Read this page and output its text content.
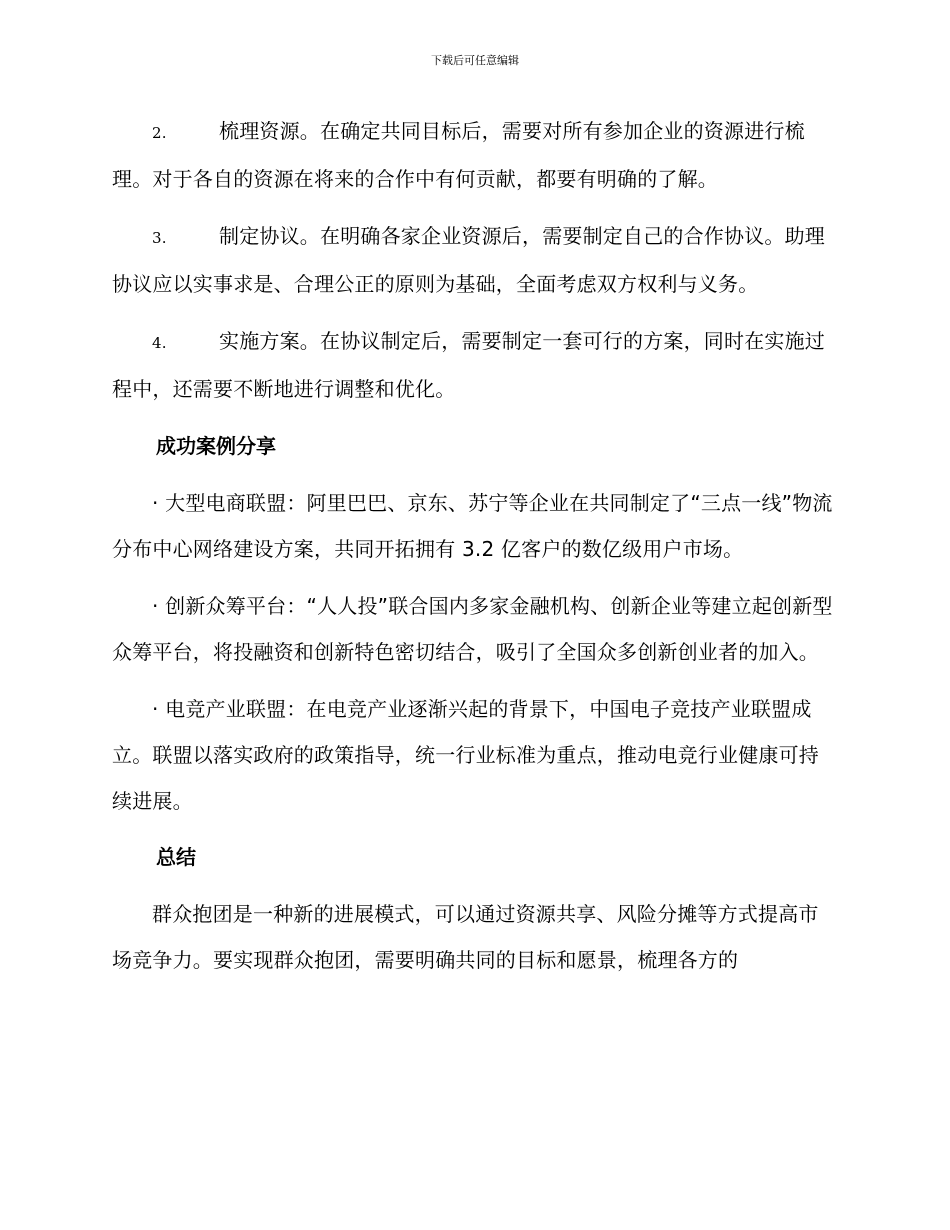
下载后可任意编辑

2.	梳理资源。在确定共同目标后，需要对所有参加企业的资源进行梳理。对于各自的资源在将来的合作中有何贡献，都要有明确的了解。

3.	制定协议。在明确各家企业资源后，需要制定自己的合作协议。助理协议应以实事求是、合理公正的原则为基础，全面考虑双方权利与义务。

4.	实施方案。在协议制定后，需要制定一套可行的方案，同时在实施过程中，还需要不断地进行调整和优化。

成功案例分享

· 大型电商联盟：阿里巴巴、京东、苏宁等企业在共同制定了“三点一线”物流分布中心网络建设方案，共同开拓拥有 3.2 亿客户的数亿级用户市场。

· 创新众筹平台：“人人投”联合国内多家金融机构、创新企业等建立起创新型众筹平台，将投融资和创新特色密切结合，吸引了全国众多创新创业者的加入。

· 电竞产业联盟：在电竞产业逐渐兴起的背景下，中国电子竞技产业联盟成立。联盟以落实政府的政策指导，统一行业标准为重点，推动电竞行业健康可持续进展。

总结

群众抱团是一种新的进展模式，可以通过资源共享、风险分摊等方式提高市场竞争力。要实现群众抱团，需要明确共同的目标和愿景，梳理各方的
